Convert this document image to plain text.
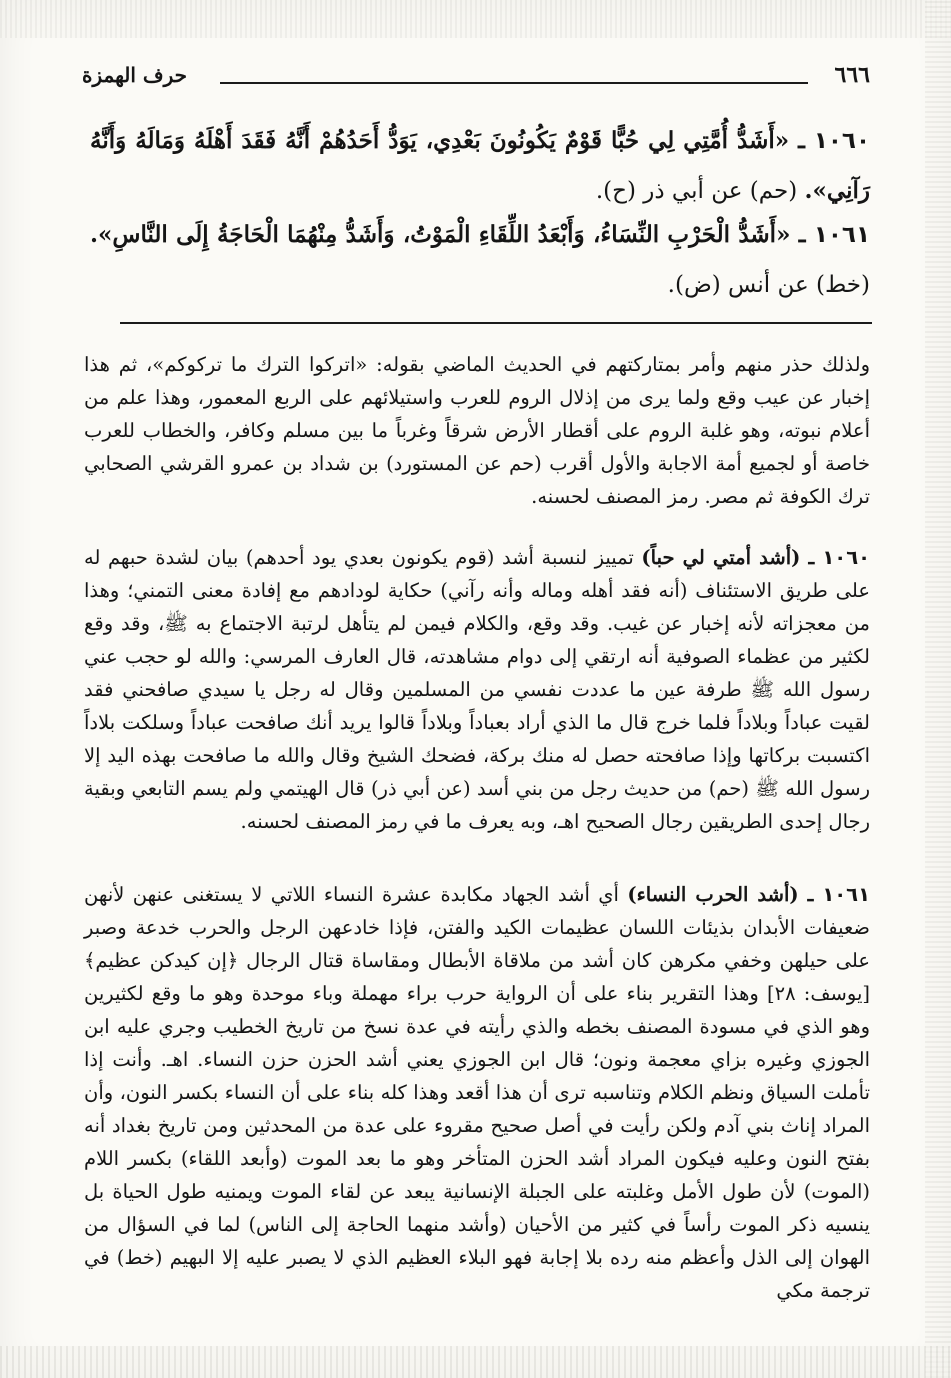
حرف الهمزة	٦٦٦
١٠٦٠ ـ «أَشَدُّ أُمَّتِي لِي حُبًّا قَوْمٌ يَكُونُونَ بَعْدِي، يَوَدُّ أَحَدُهُمْ أَنَّهُ فَقَدَ أَهْلَهُ وَمَالَهُ وَأَنَّهُ رَآنِي». (حم) عن أبي ذر (ح).
١٠٦١ ـ «أَشَدُّ الْحَرْبِ النِّسَاءُ، وَأَبْعَدُ اللِّقَاءِ الْمَوْتُ، وَأَشَدُّ مِنْهُمَا الْحَاجَةُ إِلَى النَّاسِ». (خط) عن أنس (ض).
ولذلك حذر منهم وأمر بمتاركتهم في الحديث الماضي بقوله: «اتركوا الترك ما تركوكم»، ثم هذا إخبار عن عيب وقع ولما يرى من إذلال الروم للعرب واستيلائهم على الربع المعمور، وهذا علم من أعلام نبوته، وهو غلبة الروم على أقطار الأرض شرقاً وغرباً ما بين مسلم وكافر، والخطاب للعرب خاصة أو لجميع أمة الاجابة والأول أقرب (حم عن المستورد) بن شداد بن عمرو القرشي الصحابي ترك الكوفة ثم مصر. رمز المصنف لحسنه.
١٠٦٠ ـ (أشد أمتي لي حباً) تمييز لنسبة أشد (قوم يكونون بعدي يود أحدهم) بيان لشدة حبهم له على طريق الاستئناف (أنه فقد أهله وماله وأنه رآني) حكاية لودادهم مع إفادة معنى التمني؛ وهذا من معجزاته لأنه إخبار عن غيب. وقد وقع، والكلام فيمن لم يتأهل لرتبة الاجتماع به ﷺ، وقد وقع لكثير من عظماء الصوفية أنه ارتقي إلى دوام مشاهدته، قال العارف المرسي: والله لو حجب عني رسول الله ﷺ طرفة عين ما عددت نفسي من المسلمين وقال له رجل يا سيدي صافحني فقد لقيت عباداً وبلاداً فلما خرج قال ما الذي أراد بعباداً وبلاداً قالوا يريد أنك صافحت عباداً وسلكت بلاداً اكتسبت بركاتها وإذا صافحته حصل له منك بركة، فضحك الشيخ وقال والله ما صافحت بهذه اليد إلا رسول الله ﷺ (حم) من حديث رجل من بني أسد (عن أبي ذر) قال الهيتمي ولم يسم التابعي وبقية رجال إحدى الطريقين رجال الصحيح اهـ، وبه يعرف ما في رمز المصنف لحسنه.
١٠٦١ ـ (أشد الحرب النساء) أي أشد الجهاد مكابدة عشرة النساء اللاتي لا يستغنى عنهن لأنهن ضعيفات الأبدان بذيئات اللسان عظيمات الكيد والفتن، فإذا خادعهن الرجل والحرب خدعة وصبر على حيلهن وخفي مكرهن كان أشد من ملاقاة الأبطال ومقاساة قتال الرجال ﴿إن كيدكن عظيم﴾ [يوسف: ٢٨] وهذا التقرير بناء على أن الرواية حرب براء مهملة وباء موحدة وهو ما وقع لكثيرين وهو الذي في مسودة المصنف بخطه والذي رأيته في عدة نسخ من تاريخ الخطيب وجري عليه ابن الجوزي وغيره بزاي معجمة ونون؛ قال ابن الجوزي يعني أشد الحزن حزن النساء. اهـ. وأنت إذا تأملت السياق ونظم الكلام وتناسبه ترى أن هذا أقعد وهذا كله بناء على أن النساء بكسر النون، وأن المراد إناث بني آدم ولكن رأيت في أصل صحيح مقروء على عدة من المحدثين ومن تاريخ بغداد أنه بفتح النون وعليه فيكون المراد أشد الحزن المتأخر وهو ما بعد الموت (وأبعد اللقاء) بكسر اللام (الموت) لأن طول الأمل وغلبته على الجبلة الإنسانية يبعد عن لقاء الموت ويمنيه طول الحياة بل ينسيه ذكر الموت رأساً في كثير من الأحيان (وأشد منهما الحاجة إلى الناس) لما في السؤال من الهوان إلى الذل وأعظم منه رده بلا إجابة فهو البلاء العظيم الذي لا يصبر عليه إلا البهيم (خط) في ترجمة مكي
